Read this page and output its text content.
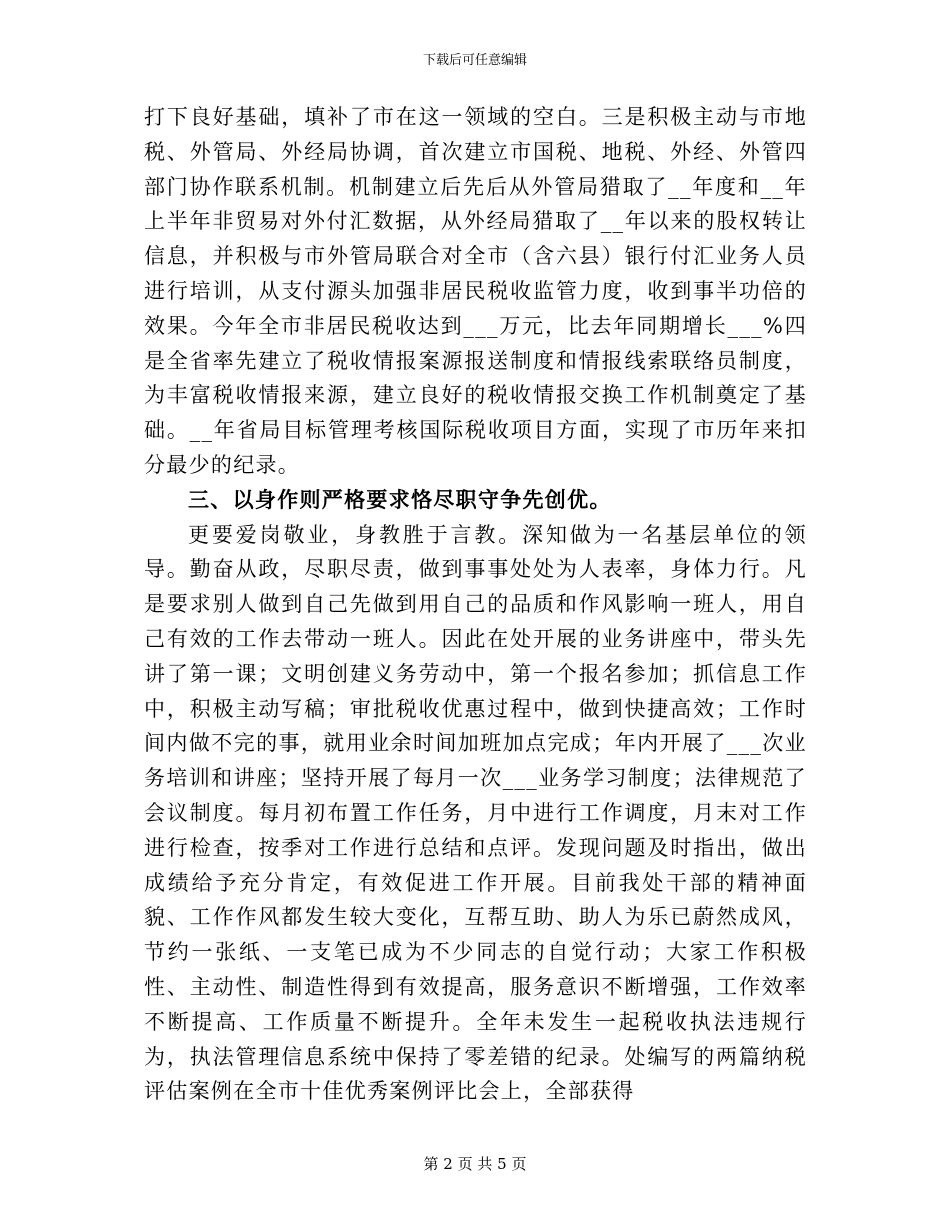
下载后可任意编辑

打下良好基础，填补了市在这一领域的空白。三是积极主动与市地税、外管局、外经局协调，首次建立市国税、地税、外经、外管四部门协作联系机制。机制建立后先后从外管局猎取了__年度和__年上半年非贸易对外付汇数据，从外经局猎取了__年以来的股权转让信息，并积极与市外管局联合对全市（含六县）银行付汇业务人员进行培训，从支付源头加强非居民税收监管力度，收到事半功倍的效果。今年全市非居民税收达到___万元，比去年同期增长___%四是全省率先建立了税收情报案源报送制度和情报线索联络员制度，为丰富税收情报来源，建立良好的税收情报交换工作机制奠定了基础。__年省局目标管理考核国际税收项目方面，实现了市历年来扣分最少的纪录。

三、以身作则严格要求恪尽职守争先创优。

更要爱岗敬业，身教胜于言教。深知做为一名基层单位的领导。勤奋从政，尽职尽责，做到事事处处为人表率，身体力行。凡是要求别人做到自己先做到用自己的品质和作风影响一班人，用自己有效的工作去带动一班人。因此在处开展的业务讲座中，带头先讲了第一课；文明创建义务劳动中，第一个报名参加；抓信息工作中，积极主动写稿；审批税收优惠过程中，做到快捷高效；工作时间内做不完的事，就用业余时间加班加点完成；年内开展了___次业务培训和讲座；坚持开展了每月一次___业务学习制度；法律规范了会议制度。每月初布置工作任务，月中进行工作调度，月末对工作进行检查，按季对工作进行总结和点评。发现问题及时指出，做出成绩给予充分肯定，有效促进工作开展。目前我处干部的精神面貌、工作作风都发生较大变化，互帮互助、助人为乐已蔚然成风，节约一张纸、一支笔已成为不少同志的自觉行动；大家工作积极性、主动性、制造性得到有效提高，服务意识不断增强，工作效率不断提高、工作质量不断提升。全年未发生一起税收执法违规行为，执法管理信息系统中保持了零差错的纪录。处编写的两篇纳税评估案例在全市十佳优秀案例评比会上，全部获得

第 2 页 共 5 页
